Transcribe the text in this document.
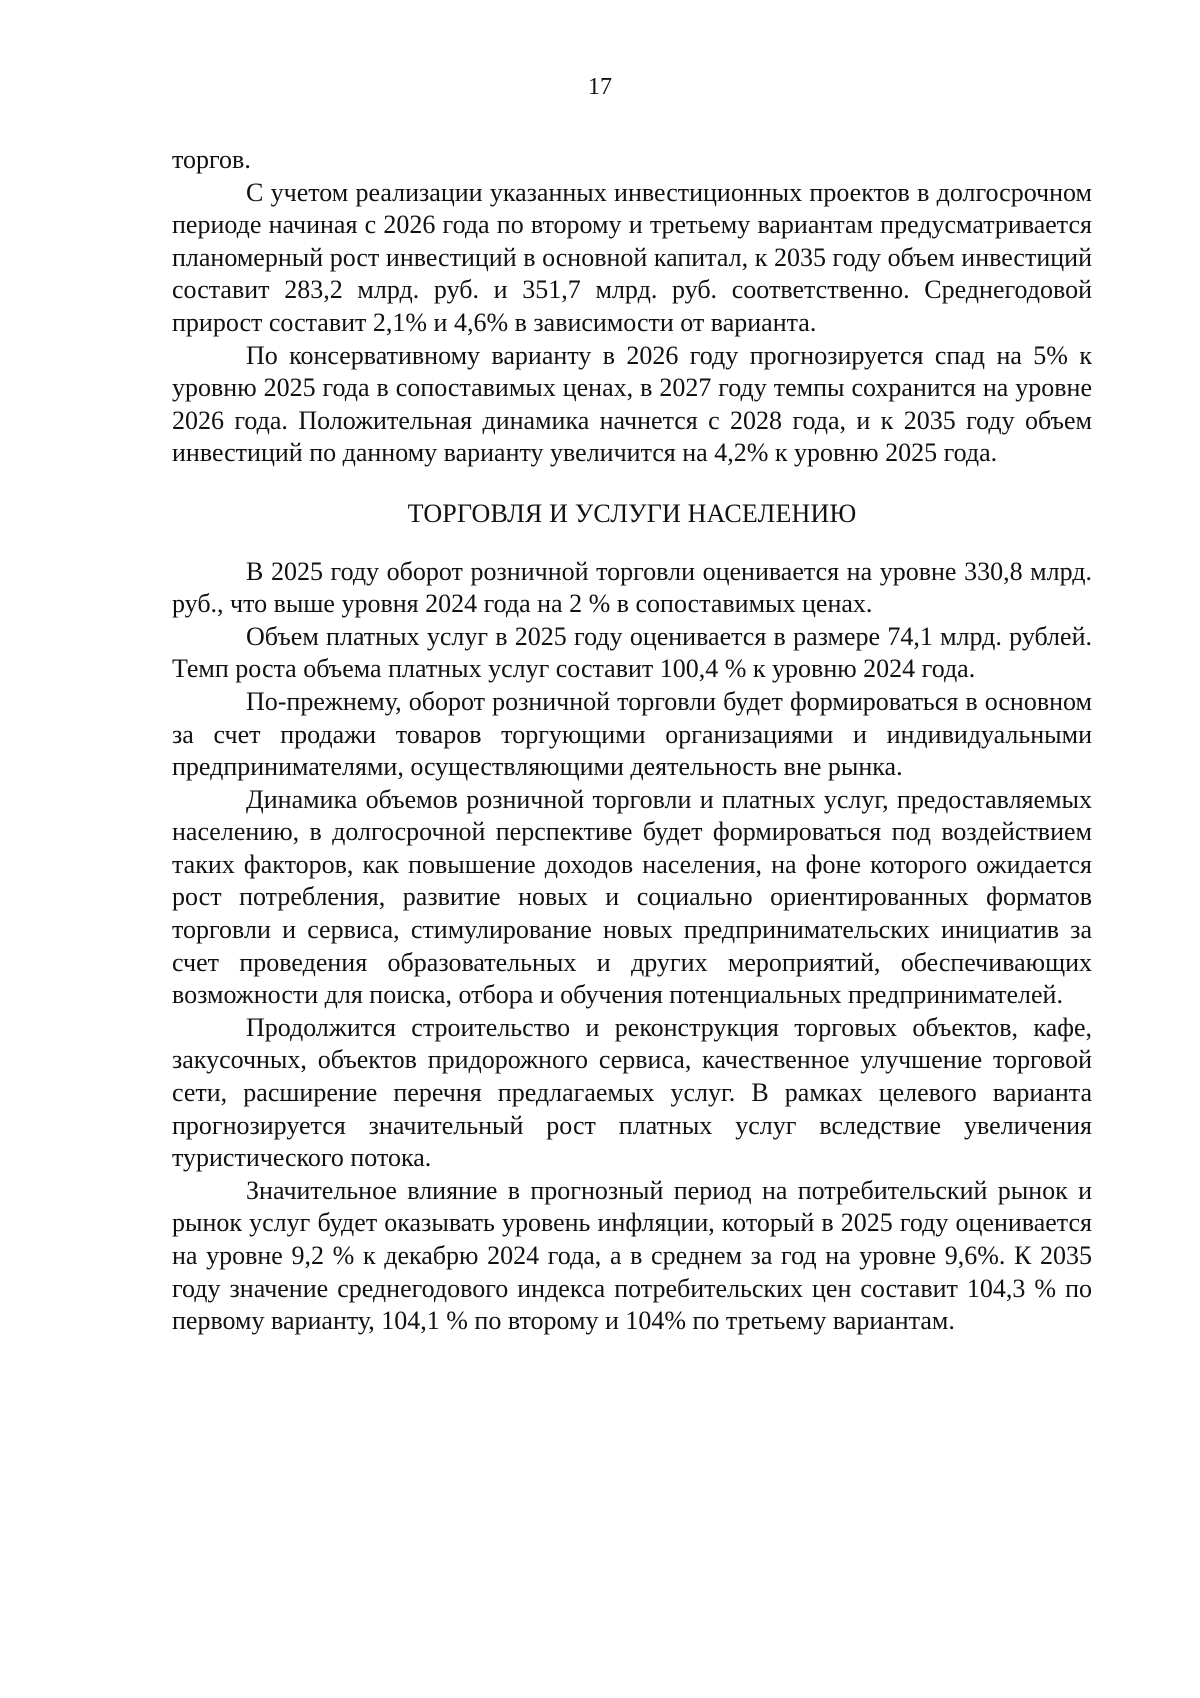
17

торгов.

С учетом реализации указанных инвестиционных проектов в долгосрочном периоде начиная с 2026 года по второму и третьему вариантам предусматривается планомерный рост инвестиций в основной капитал, к 2035 году объем инвестиций составит 283,2 млрд. руб. и 351,7 млрд. руб. соответственно. Среднегодовой прирост составит 2,1% и 4,6% в зависимости от варианта.

По консервативному варианту в 2026 году прогнозируется спад на 5% к уровню 2025 года в сопоставимых ценах, в 2027 году темпы сохранится на уровне 2026 года. Положительная динамика начнется с 2028 года, и к 2035 году объем инвестиций по данному варианту увеличится на 4,2% к уровню 2025 года.

ТОРГОВЛЯ И УСЛУГИ НАСЕЛЕНИЮ

В 2025 году оборот розничной торговли оценивается на уровне 330,8 млрд. руб., что выше уровня 2024 года на 2 % в сопоставимых ценах.

Объем платных услуг в 2025 году оценивается в размере 74,1 млрд. рублей. Темп роста объема платных услуг составит 100,4 % к уровню 2024 года.

По-прежнему, оборот розничной торговли будет формироваться в основном за счет продажи товаров торгующими организациями и индивидуальными предпринимателями, осуществляющими деятельность вне рынка.

Динамика объемов розничной торговли и платных услуг, предоставляемых населению, в долгосрочной перспективе будет формироваться под воздействием таких факторов, как повышение доходов населения, на фоне которого ожидается рост потребления, развитие новых и социально ориентированных форматов торговли и сервиса, стимулирование новых предпринимательских инициатив за счет проведения образовательных и других мероприятий, обеспечивающих возможности для поиска, отбора и обучения потенциальных предпринимателей.

Продолжится строительство и реконструкция торговых объектов, кафе, закусочных, объектов придорожного сервиса, качественное улучшение торговой сети, расширение перечня предлагаемых услуг. В рамках целевого варианта прогнозируется значительный рост платных услуг вследствие увеличения туристического потока.

Значительное влияние в прогнозный период на потребительский рынок и рынок услуг будет оказывать уровень инфляции, который в 2025 году оценивается на уровне 9,2 % к декабрю 2024 года, а в среднем за год на уровне 9,6%. К 2035 году значение среднегодового индекса потребительских цен составит 104,3 % по первому варианту, 104,1 % по второму и 104% по третьему вариантам.
